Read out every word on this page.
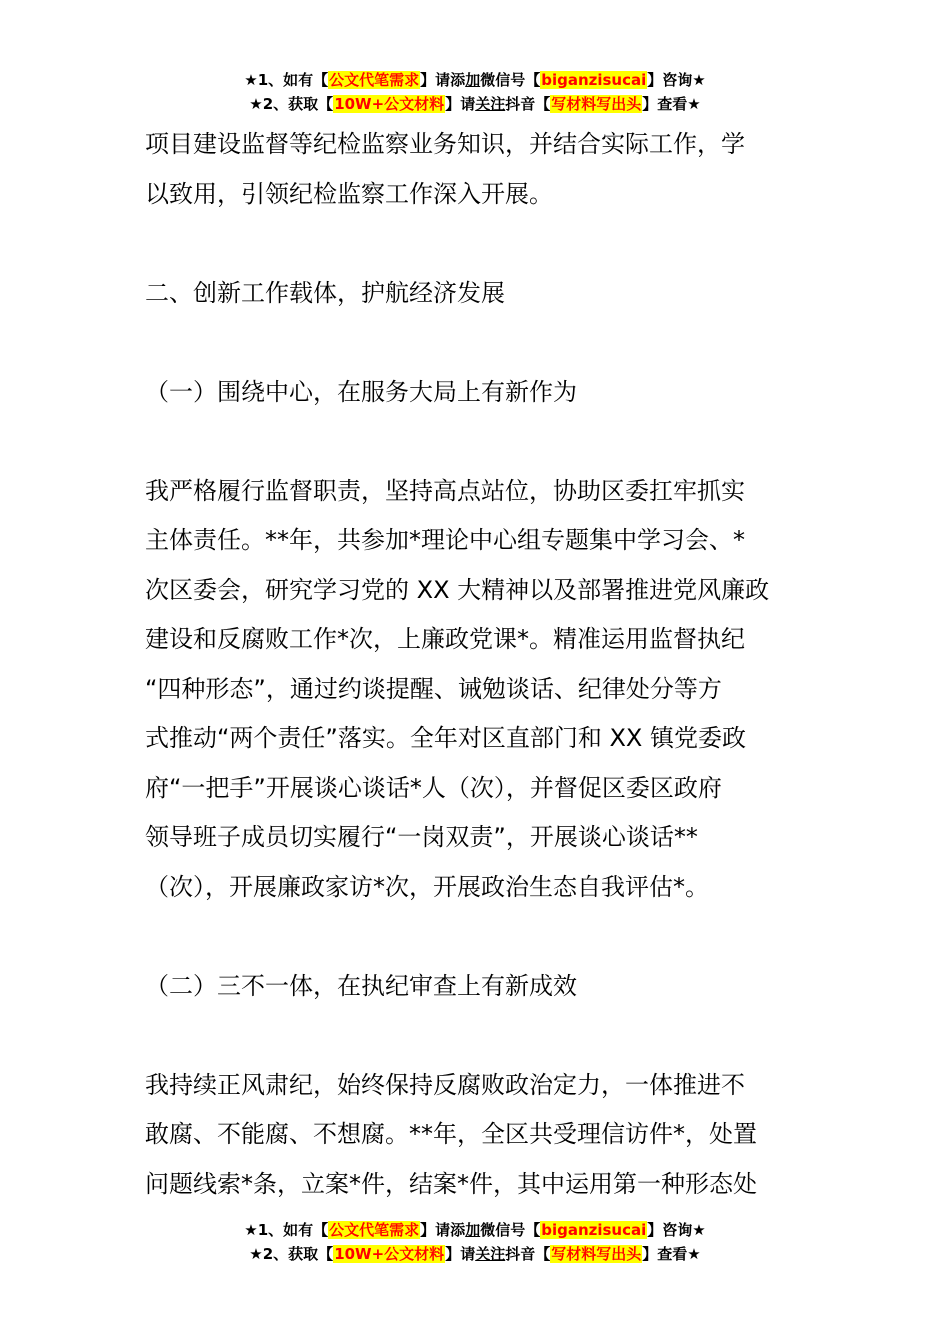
★1、如有【公文代笔需求】请添加微信号【biganzisucai】咨询★
★2、获取【10W+公文材料】请关注抖音【写材料写出头】查看★

项目建设监督等纪检监察业务知识，并结合实际工作，学

以致用，引领纪检监察工作深入开展。

二、创新工作载体，护航经济发展

（一）围绕中心，在服务大局上有新作为

我严格履行监督职责，坚持高点站位，协助区委扛牢抓实

主体责任。**年，共参加*理论中心组专题集中学习会、*

次区委会，研究学习党的 XX 大精神以及部署推进党风廉政

建设和反腐败工作*次，上廉政党课*。精准运用监督执纪

“四种形态”，通过约谈提醒、诫勉谈话、纪律处分等方

式推动“两个责任”落实。全年对区直部门和 XX 镇党委政

府“一把手”开展谈心谈话*人（次），并督促区委区政府

领导班子成员切实履行“一岗双责”，开展谈心谈话**

（次），开展廉政家访*次，开展政治生态自我评估*。

（二）三不一体，在执纪审查上有新成效

我持续正风肃纪，始终保持反腐败政治定力，一体推进不

敢腐、不能腐、不想腐。**年，全区共受理信访件*，处置

问题线索*条，立案*件，结案*件，其中运用第一种形态处

★1、如有【公文代笔需求】请添加微信号【biganzisucai】咨询★
★2、获取【10W+公文材料】请关注抖音【写材料写出头】查看★
